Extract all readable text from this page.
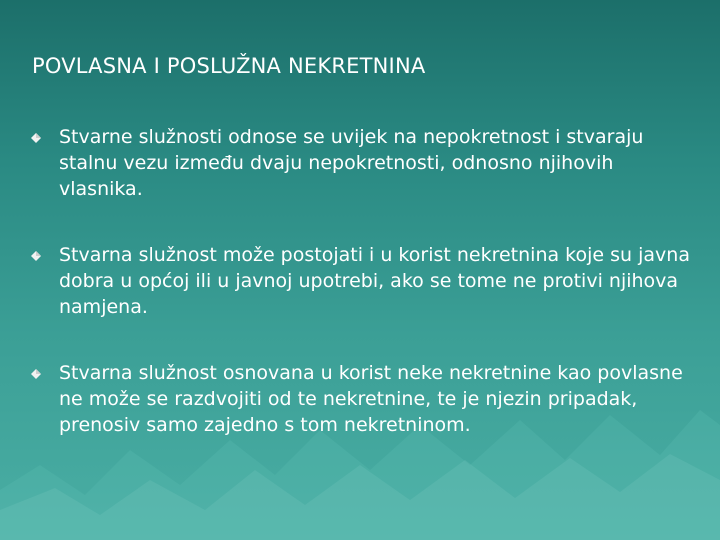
POVLASNA I POSLUŽNA NEKRETNINA
Stvarne služnosti odnose se uvijek na nepokretnost i stvaraju stalnu vezu između dvaju nepokretnosti, odnosno njihovih vlasnika.
Stvarna služnost može postojati i u korist nekretnina koje su javna dobra u općoj ili u javnoj upotrebi, ako se tome ne protivi njihova namjena.
Stvarna služnost osnovana u korist neke nekretnine kao povlasne ne može se razdvojiti od te nekretnine, te je njezin pripadak, prenosiv samo zajedno s tom nekretninom.
